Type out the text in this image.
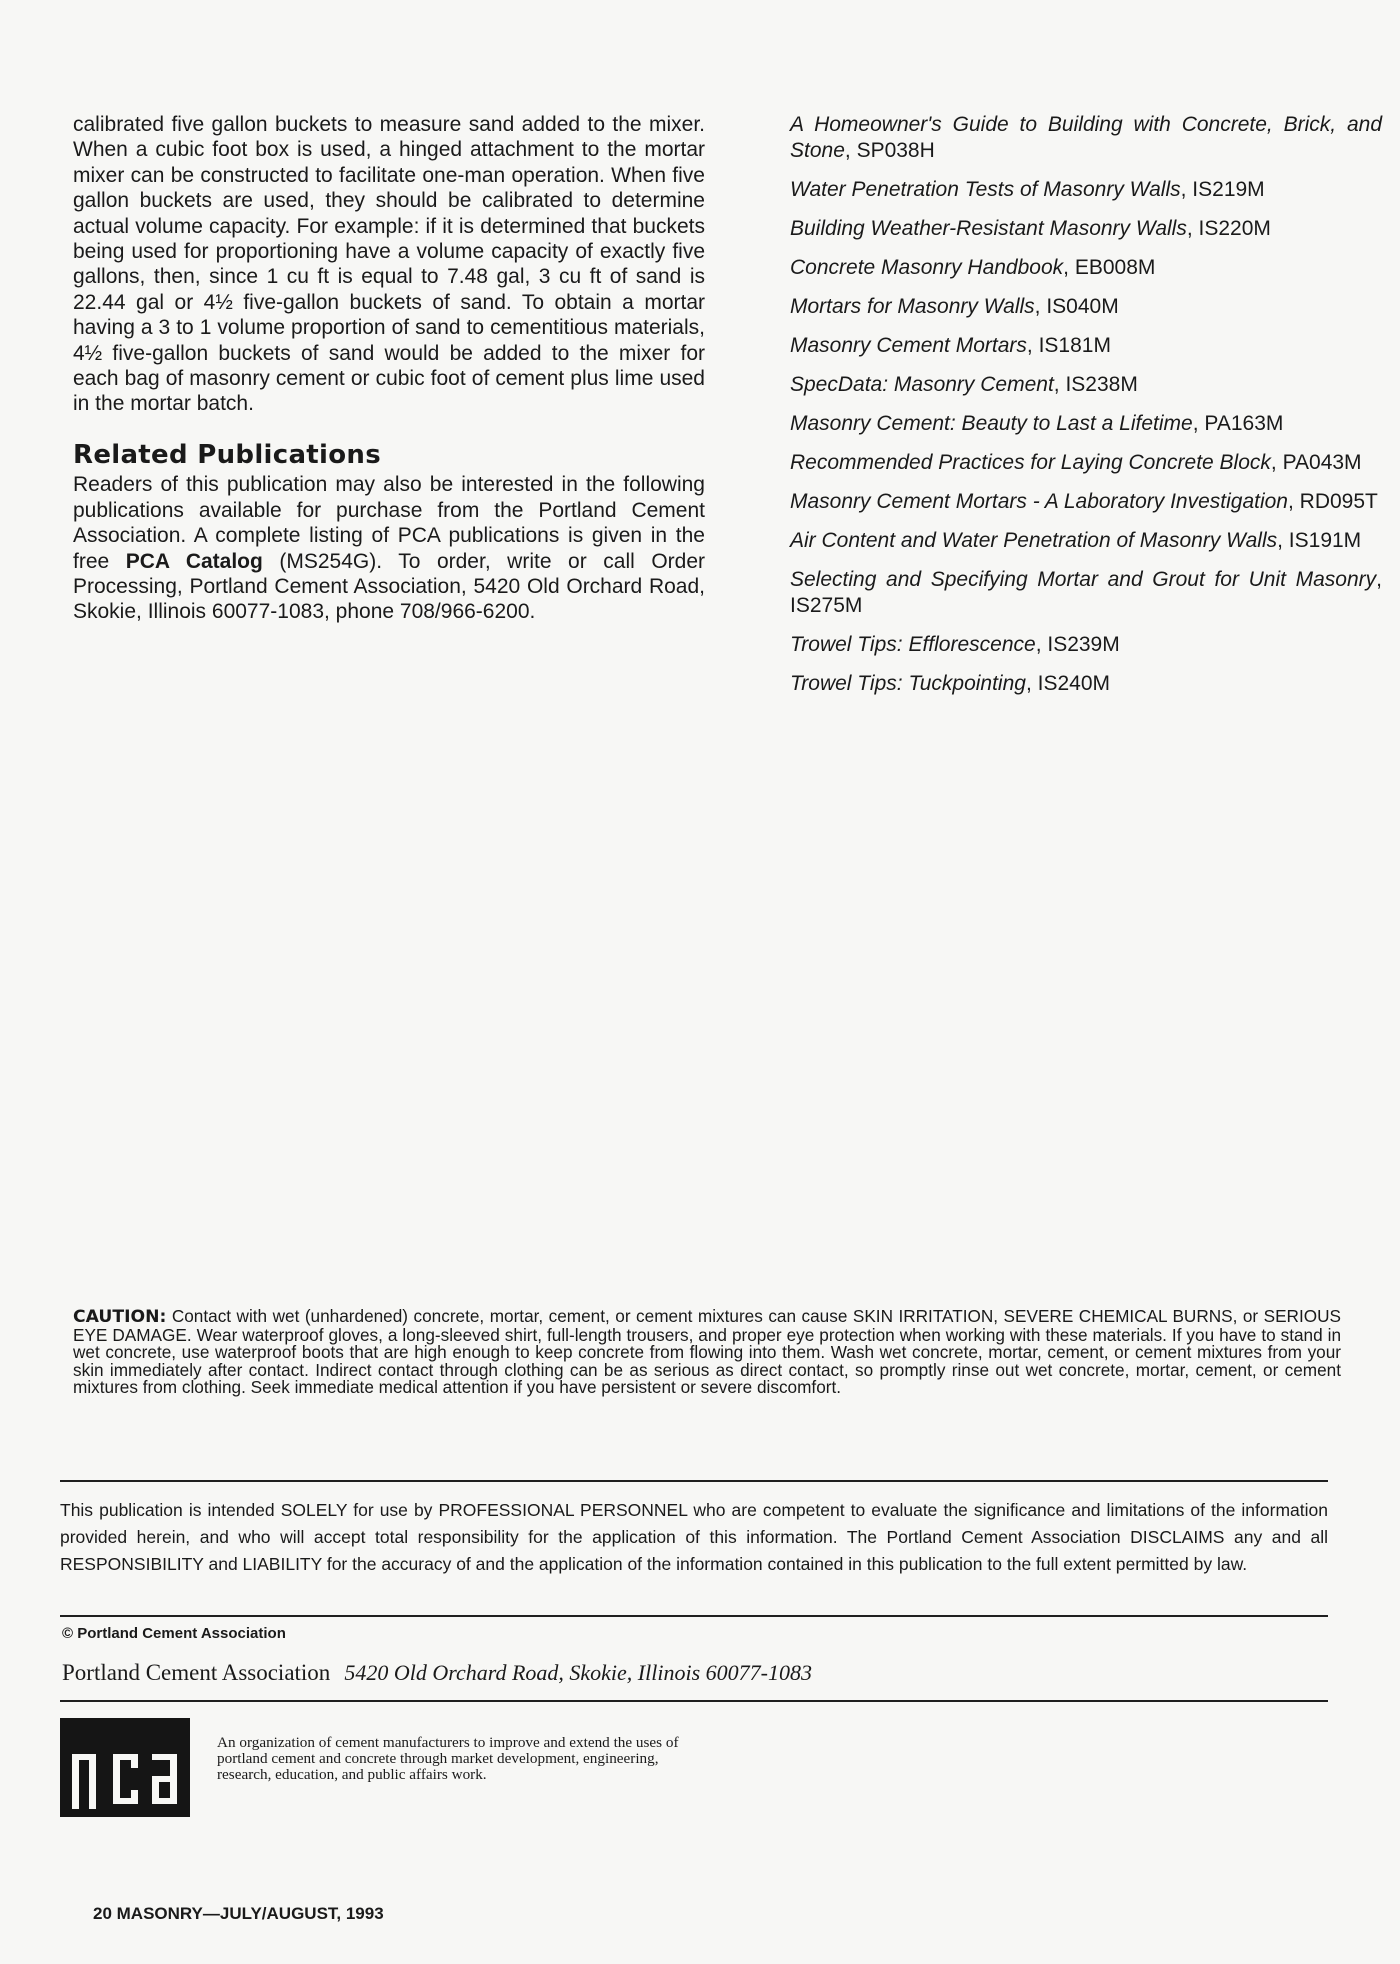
calibrated five gallon buckets to measure sand added to the mixer. When a cubic foot box is used, a hinged attachment to the mortar mixer can be constructed to facilitate one-man operation. When five gallon buckets are used, they should be calibrated to determine actual volume capacity. For example: if it is determined that buckets being used for proportioning have a volume capacity of exactly five gallons, then, since 1 cu ft is equal to 7.48 gal, 3 cu ft of sand is 22.44 gal or 4½ five-gallon buckets of sand. To obtain a mortar having a 3 to 1 volume proportion of sand to cementitious materials, 4½ five-gallon buckets of sand would be added to the mixer for each bag of masonry cement or cubic foot of cement plus lime used in the mortar batch.

Related Publications

Readers of this publication may also be interested in the following publications available for purchase from the Portland Cement Association. A complete listing of PCA publications is given in the free PCA Catalog (MS254G). To order, write or call Order Processing, Portland Cement Association, 5420 Old Orchard Road, Skokie, Illinois 60077-1083, phone 708/966-6200.

A Homeowner's Guide to Building with Concrete, Brick, and Stone, SP038H

Water Penetration Tests of Masonry Walls, IS219M

Building Weather-Resistant Masonry Walls, IS220M

Concrete Masonry Handbook, EB008M

Mortars for Masonry Walls, IS040M

Masonry Cement Mortars, IS181M

SpecData: Masonry Cement, IS238M

Masonry Cement: Beauty to Last a Lifetime, PA163M

Recommended Practices for Laying Concrete Block, PA043M

Masonry Cement Mortars - A Laboratory Investigation, RD095T

Air Content and Water Penetration of Masonry Walls, IS191M

Selecting and Specifying Mortar and Grout for Unit Masonry, IS275M

Trowel Tips: Efflorescence, IS239M

Trowel Tips: Tuckpointing, IS240M

CAUTION: Contact with wet (unhardened) concrete, mortar, cement, or cement mixtures can cause SKIN IRRITATION, SEVERE CHEMICAL BURNS, or SERIOUS EYE DAMAGE. Wear waterproof gloves, a long-sleeved shirt, full-length trousers, and proper eye protection when working with these materials. If you have to stand in wet concrete, use waterproof boots that are high enough to keep concrete from flowing into them. Wash wet concrete, mortar, cement, or cement mixtures from your skin immediately after contact. Indirect contact through clothing can be as serious as direct contact, so promptly rinse out wet concrete, mortar, cement, or cement mixtures from clothing. Seek immediate medical attention if you have persistent or severe discomfort.
This publication is intended SOLELY for use by PROFESSIONAL PERSONNEL who are competent to evaluate the significance and limitations of the information provided herein, and who will accept total responsibility for the application of this information. The Portland Cement Association DISCLAIMS any and all RESPONSIBILITY and LIABILITY for the accuracy of and the application of the information contained in this publication to the full extent permitted by law.
© Portland Cement Association
Portland Cement Association 5420 Old Orchard Road, Skokie, Illinois 60077-1083
An organization of cement manufacturers to improve and extend the uses of portland cement and concrete through market development, engineering, research, education, and public affairs work.
20 MASONRY—JULY/AUGUST, 1993
